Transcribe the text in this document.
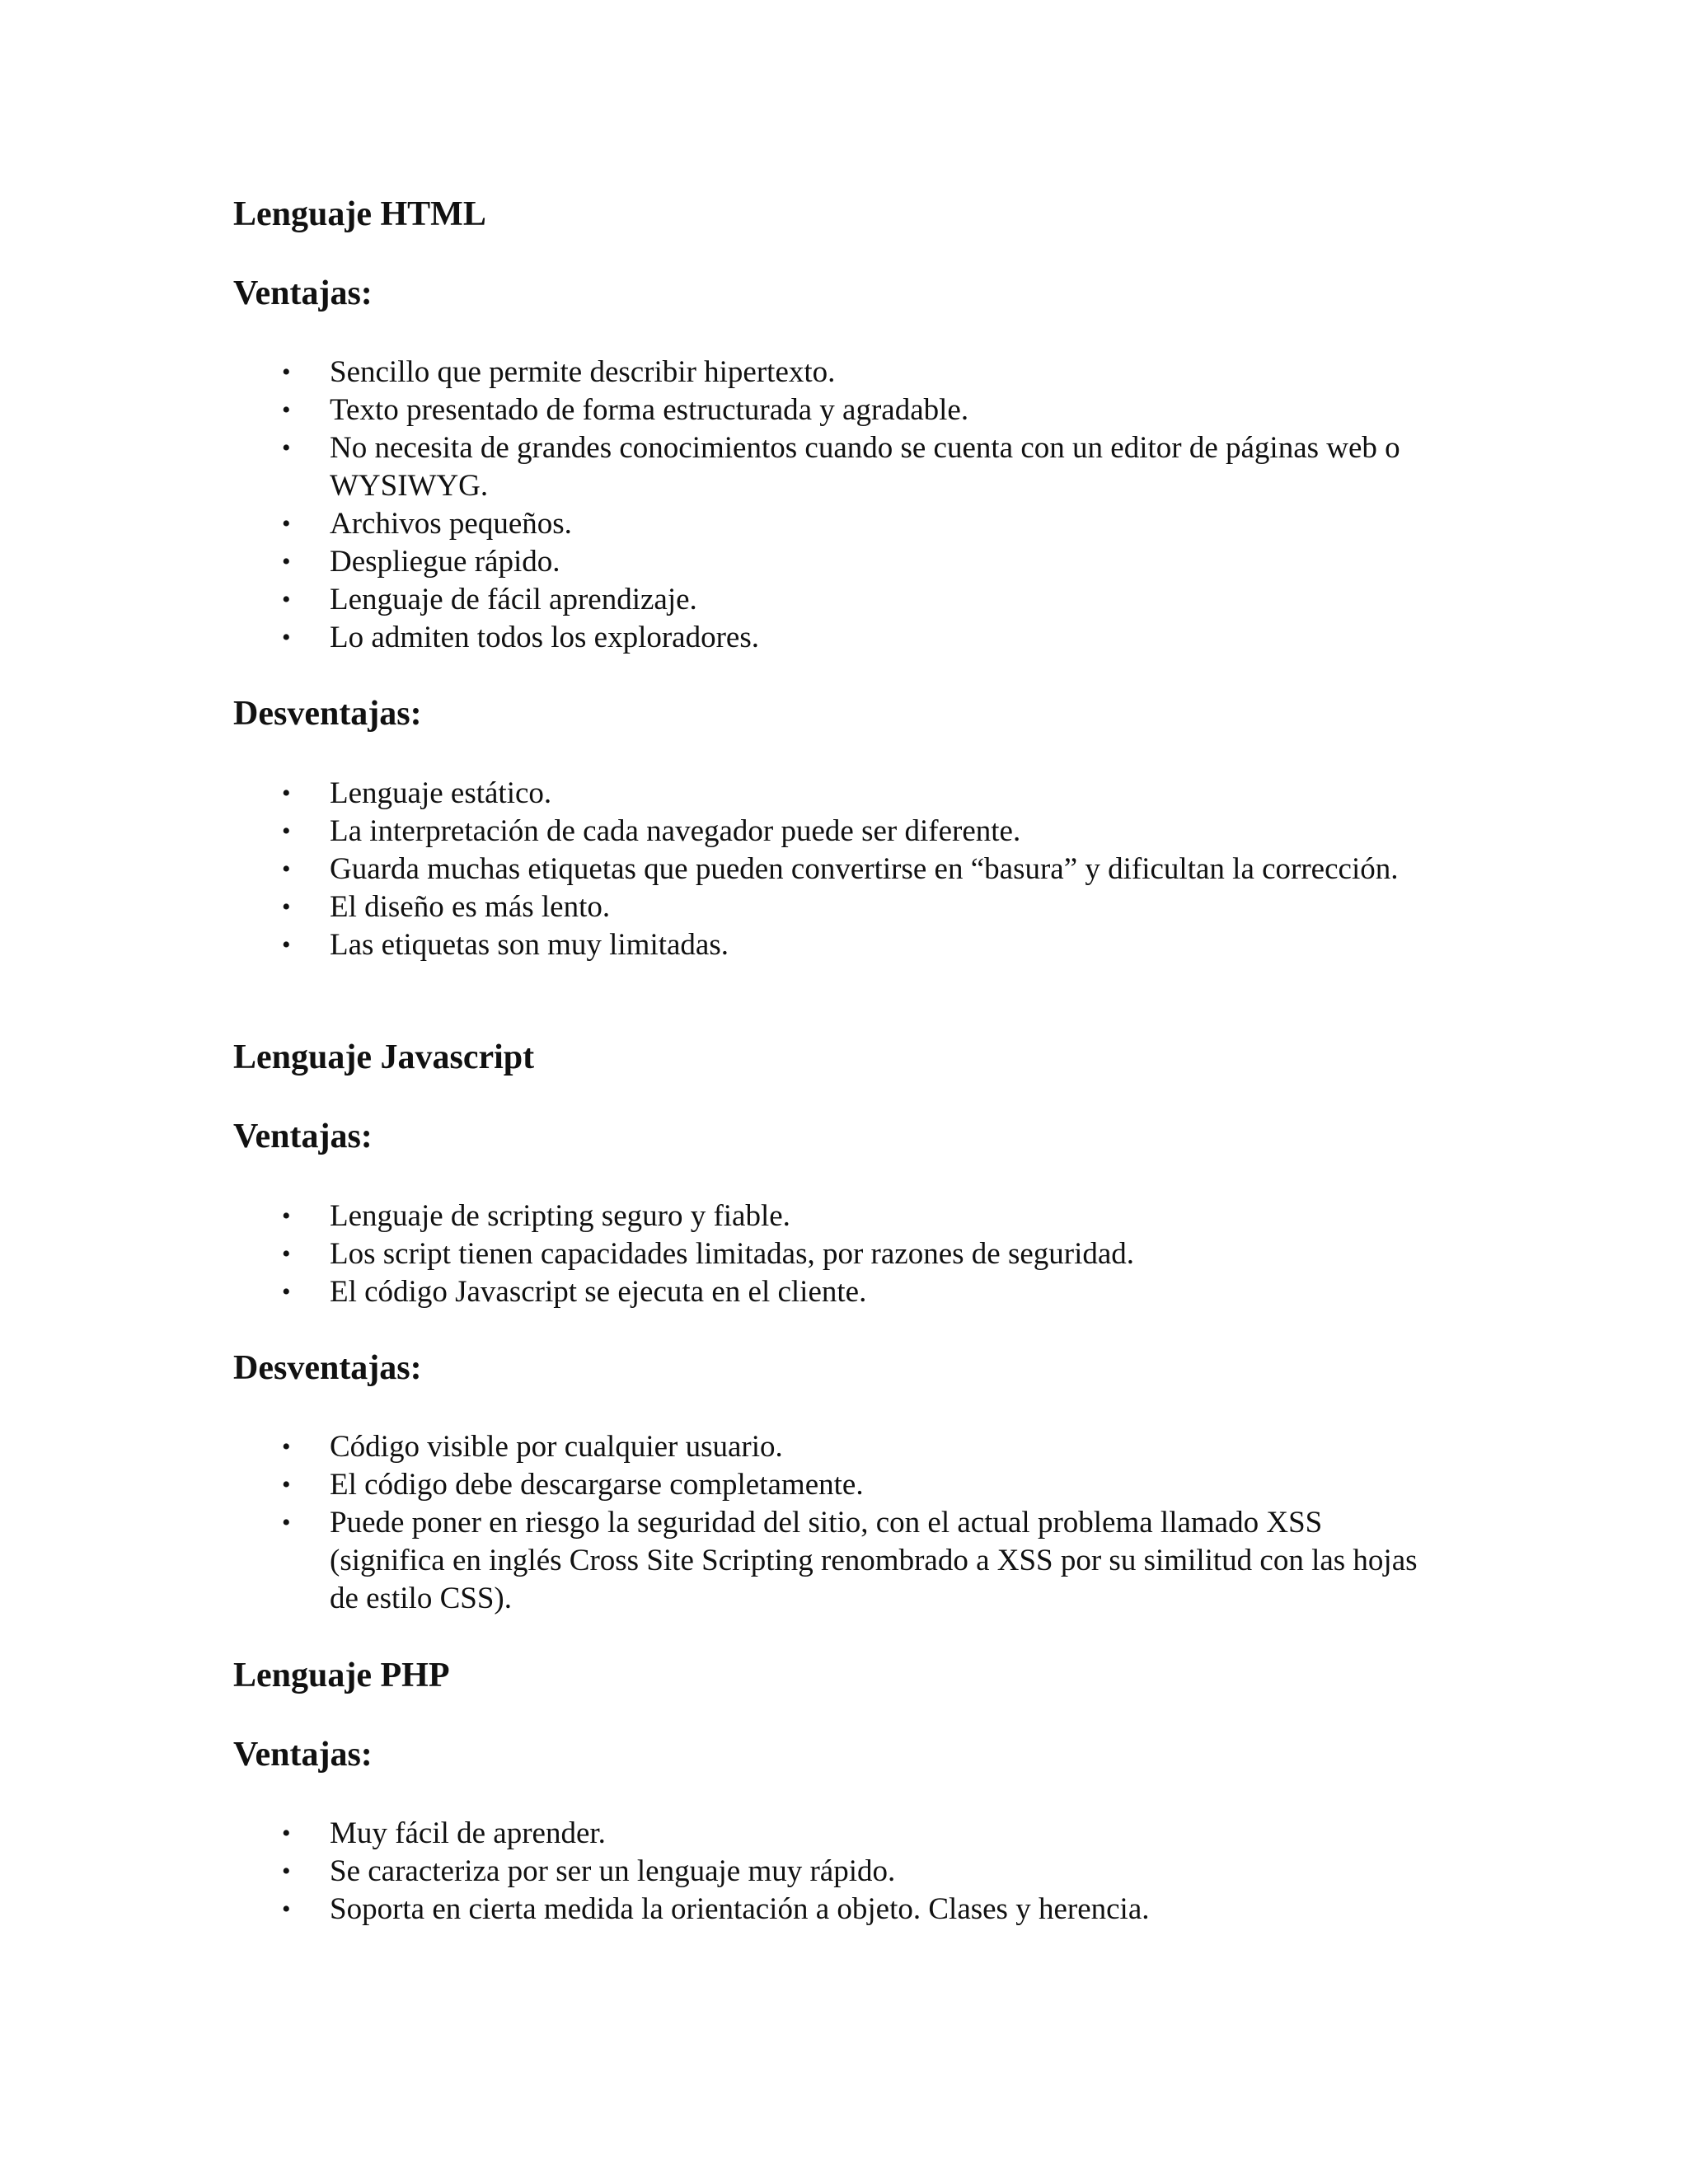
Lenguaje HTML
Ventajas:
• Sencillo que permite describir hipertexto.
• Texto presentado de forma estructurada y agradable.
• No necesita de grandes conocimientos cuando se cuenta con un editor de páginas web o WYSIWYG.
• Archivos pequeños.
• Despliegue rápido.
• Lenguaje de fácil aprendizaje.
• Lo admiten todos los exploradores.
Desventajas:
• Lenguaje estático.
• La interpretación de cada navegador puede ser diferente.
• Guarda muchas etiquetas que pueden convertirse en “basura” y dificultan la corrección.
• El diseño es más lento.
• Las etiquetas son muy limitadas.
Lenguaje Javascript
Ventajas:
• Lenguaje de scripting seguro y fiable.
• Los script tienen capacidades limitadas, por razones de seguridad.
• El código Javascript se ejecuta en el cliente.
Desventajas:
• Código visible por cualquier usuario.
• El código debe descargarse completamente.
• Puede poner en riesgo la seguridad del sitio, con el actual problema llamado XSS (significa en inglés Cross Site Scripting renombrado a XSS por su similitud con las hojas de estilo CSS).
Lenguaje PHP
Ventajas:
• Muy fácil de aprender.
• Se caracteriza por ser un lenguaje muy rápido.
• Soporta en cierta medida la orientación a objeto. Clases y herencia.
